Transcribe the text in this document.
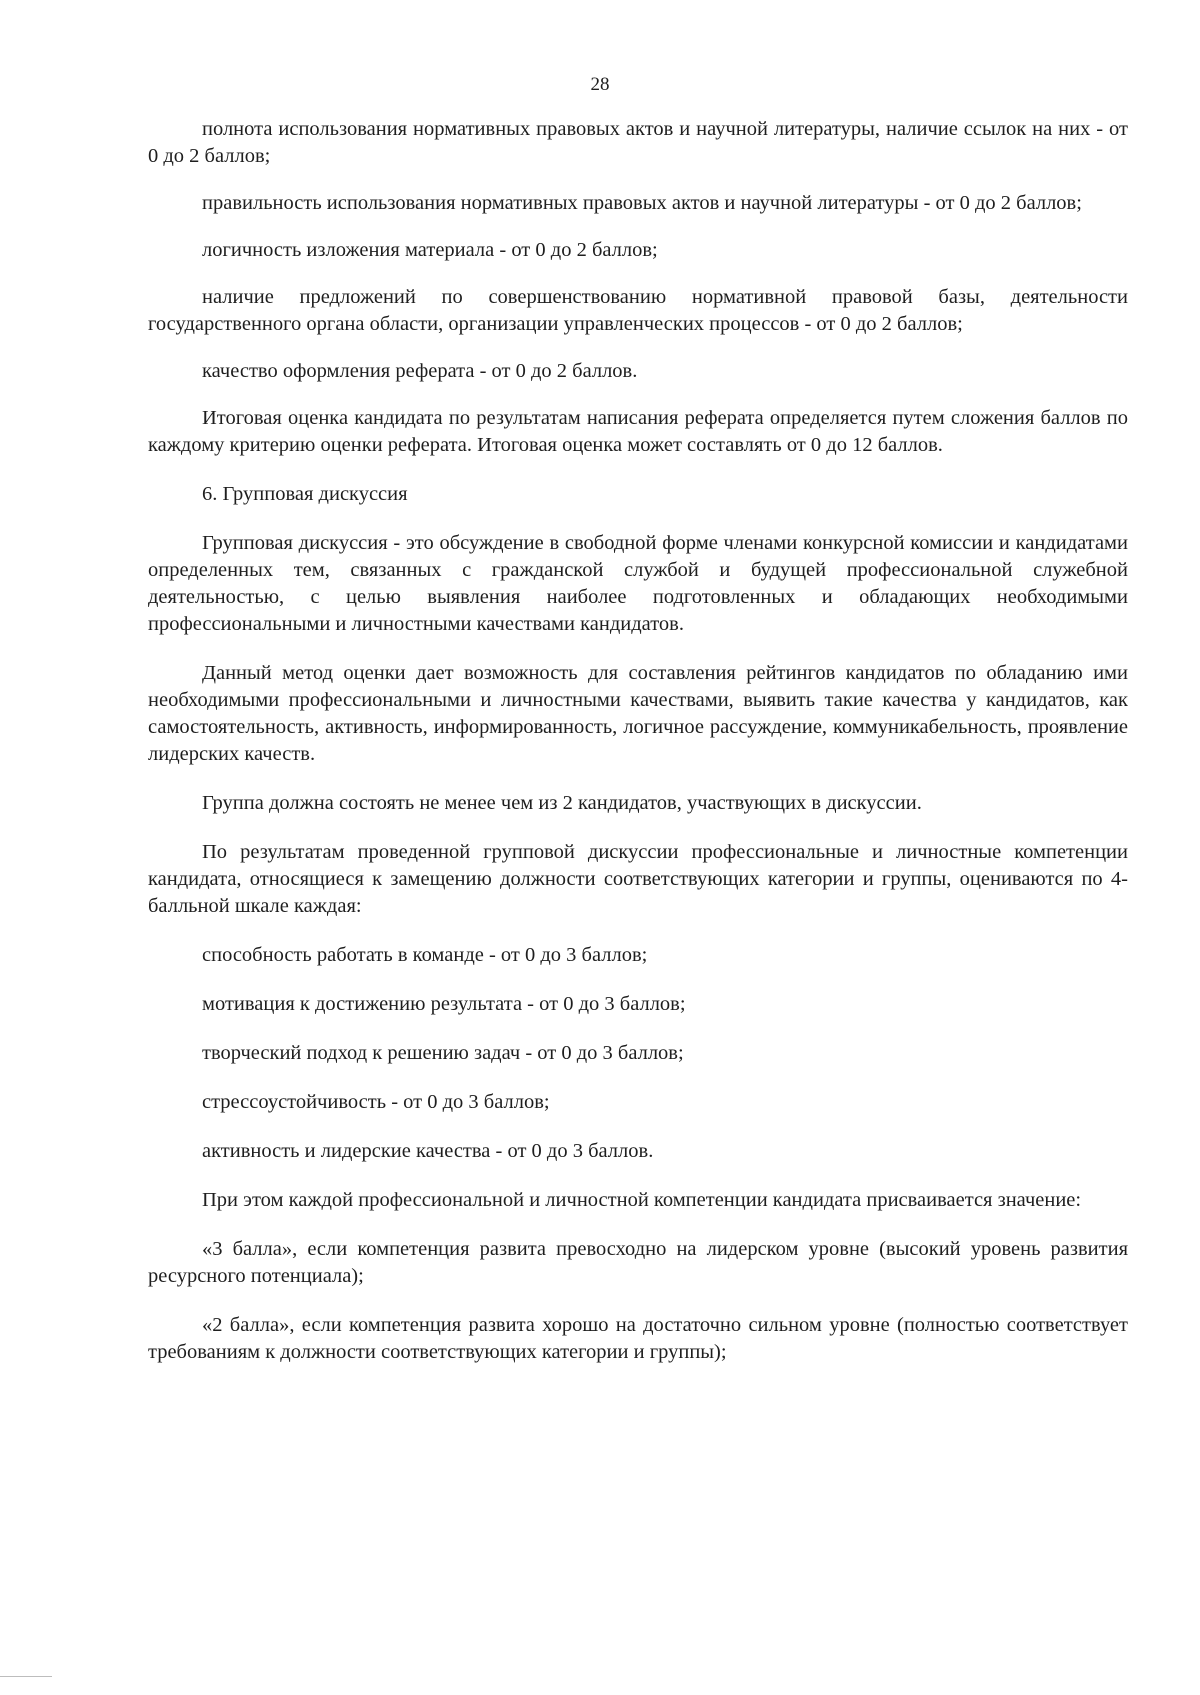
28

полнота использования нормативных правовых актов и научной литературы, наличие ссылок на них - от 0 до 2 баллов;

правильность использования нормативных правовых актов и научной литературы - от 0 до 2 баллов;

логичность изложения материала - от 0 до 2 баллов;

наличие предложений по совершенствованию нормативной правовой базы, деятельности государственного органа области, организации управленческих процессов - от 0 до 2 баллов;

качество оформления реферата - от 0 до 2 баллов.

Итоговая оценка кандидата по результатам написания реферата определяется путем сложения баллов по каждому критерию оценки реферата. Итоговая оценка может составлять от 0 до 12 баллов.

6. Групповая дискуссия

Групповая дискуссия - это обсуждение в свободной форме членами конкурсной комиссии и кандидатами определенных тем, связанных с гражданской службой и будущей профессиональной служебной деятельностью, с целью выявления наиболее подготовленных и обладающих необходимыми профессиональными и личностными качествами кандидатов.

Данный метод оценки дает возможность для составления рейтингов кандидатов по обладанию ими необходимыми профессиональными и личностными качествами, выявить такие качества у кандидатов, как самостоятельность, активность, информированность, логичное рассуждение, коммуникабельность, проявление лидерских качеств.

Группа должна состоять не менее чем из 2 кандидатов, участвующих в дискуссии.

По результатам проведенной групповой дискуссии профессиональные и личностные компетенции кандидата, относящиеся к замещению должности соответствующих категории и группы, оцениваются по 4-балльной шкале каждая:

способность работать в команде - от 0 до 3 баллов;

мотивация к достижению результата - от 0 до 3 баллов;

творческий подход к решению задач - от 0 до 3 баллов;

стрессоустойчивость - от 0 до 3 баллов;

активность и лидерские качества - от 0 до 3 баллов.

При этом каждой профессиональной и личностной компетенции кандидата присваивается значение:

«3 балла», если компетенция развита превосходно на лидерском уровне (высокий уровень развития ресурсного потенциала);

«2 балла», если компетенция развита хорошо на достаточно сильном уровне (полностью соответствует требованиям к должности соответствующих категории и группы);
